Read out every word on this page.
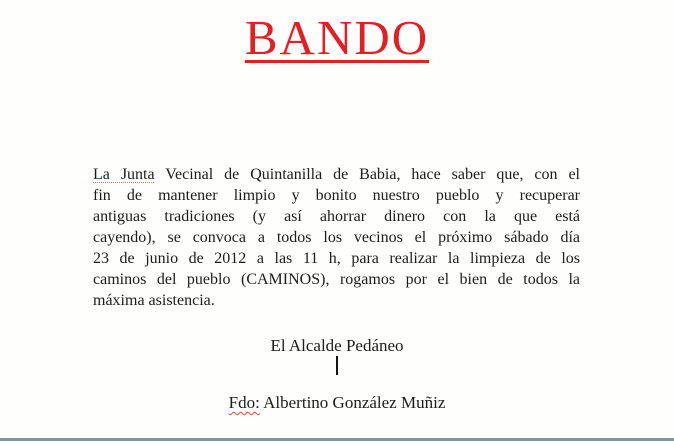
BANDO
La Junta Vecinal de Quintanilla de Babia, hace saber que, con el
fin de mantener limpio y bonito nuestro pueblo y recuperar
antiguas tradiciones (y así ahorrar dinero con la que está
cayendo), se convoca a todos los vecinos el próximo sábado día
23 de junio de 2012 a las 11 h, para realizar la limpieza de los
caminos del pueblo (CAMINOS), rogamos por el bien de todos la
máxima asistencia.
El Alcalde Pedáneo
Fdo: Albertino González Muñiz
